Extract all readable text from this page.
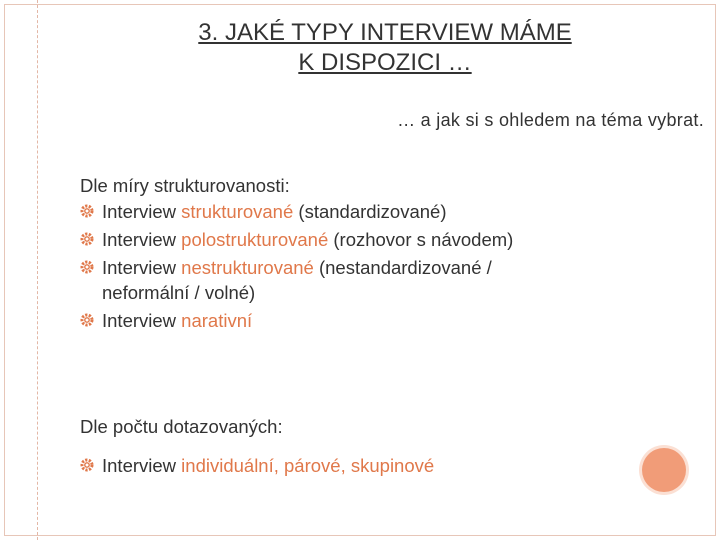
3. JAKÉ TYPY INTERVIEW MÁME
K DISPOZICI …
… a jak si s ohledem na téma vybrat.

Dle míry strukturovanosti:

Interview strukturované (standardizované)
Interview polostrukturované (rozhovor s návodem)
Interview nestrukturované (nestandardizované /
neformální / volné)
Interview narativní

Dle počtu dotazovaných:

Interview individuální, párové, skupinové
